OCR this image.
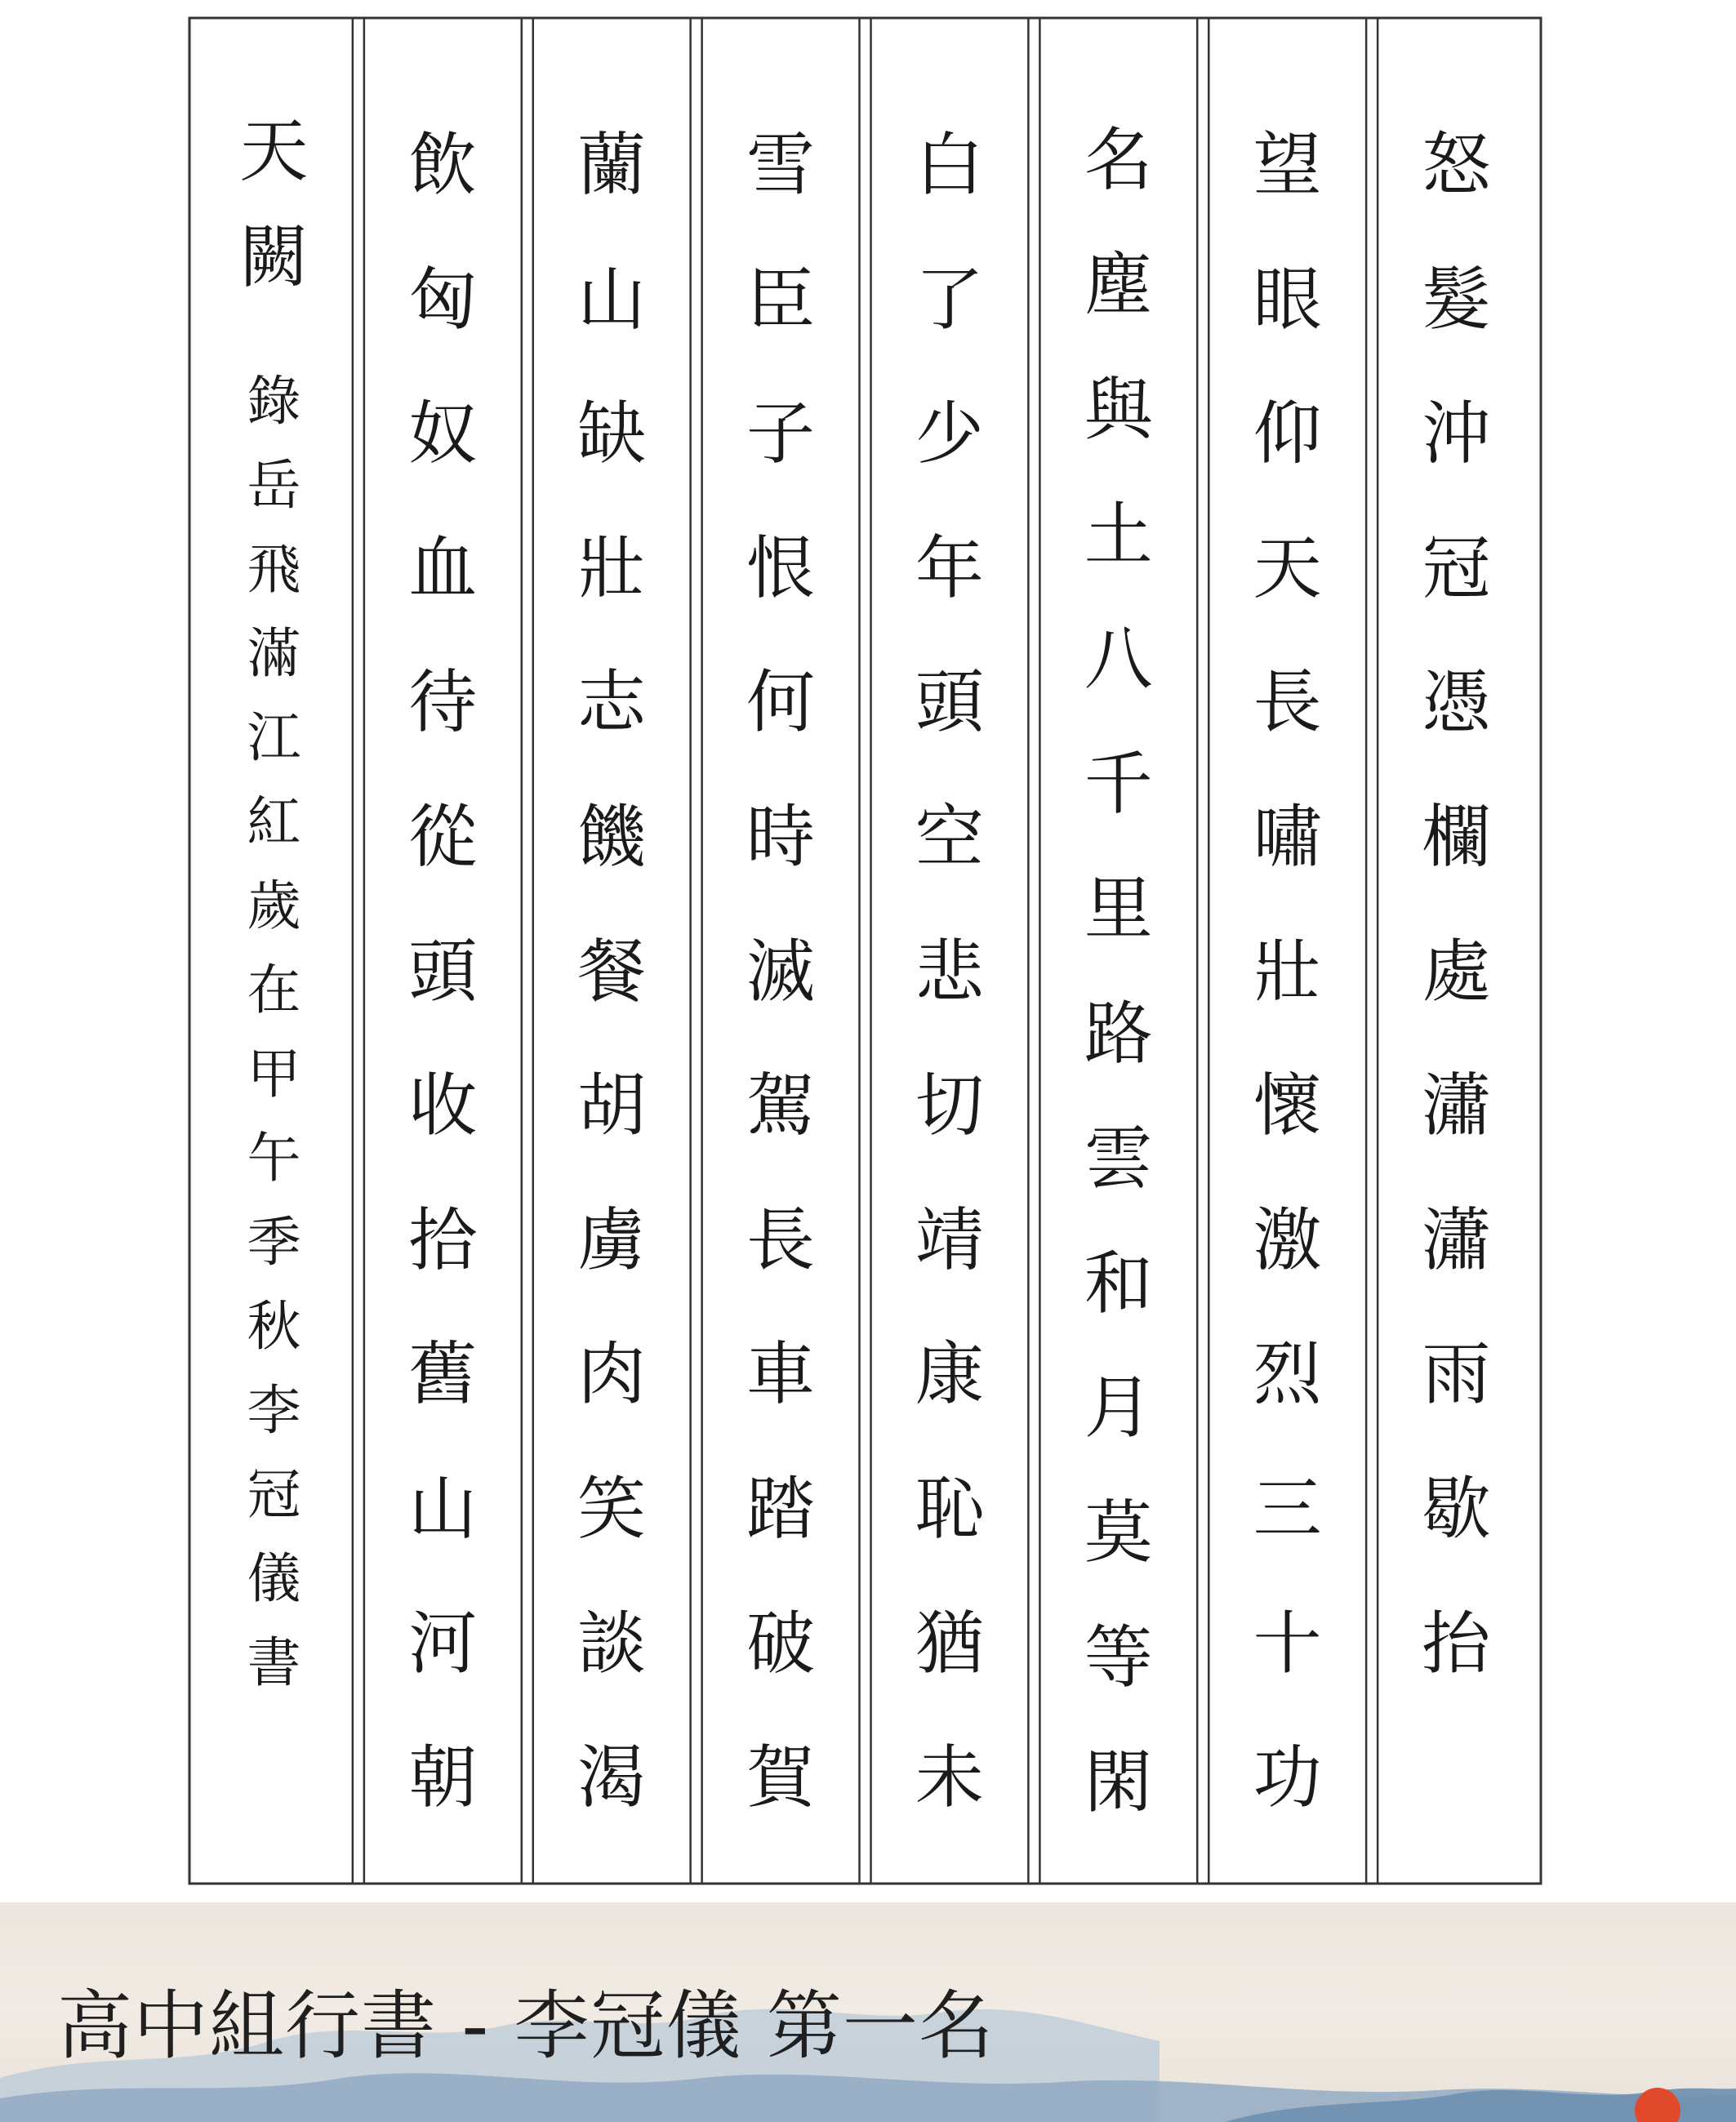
怒
髮
沖
冠
憑
欄
處
瀟
瀟
雨
歇
抬
望
眼
仰
天
長
嘯
壯
懷
激
烈
三
十
功
名
塵
與
土
八
千
里
路
雲
和
月
莫
等
閑
白
了
少
年
頭
空
悲
切
靖
康
恥
猶
未
雪
臣
子
恨
何
時
滅
駕
長
車
踏
破
賀
蘭
山
缺
壯
志
饑
餐
胡
虜
肉
笑
談
渴
飲
匈
奴
血
待
從
頭
收
拾
舊
山
河
朝
天
闕
錄
岳
飛
滿
江
紅
歲
在
甲
午
季
秋
李
冠
儀
書
高中組行書 - 李冠儀 第一名
